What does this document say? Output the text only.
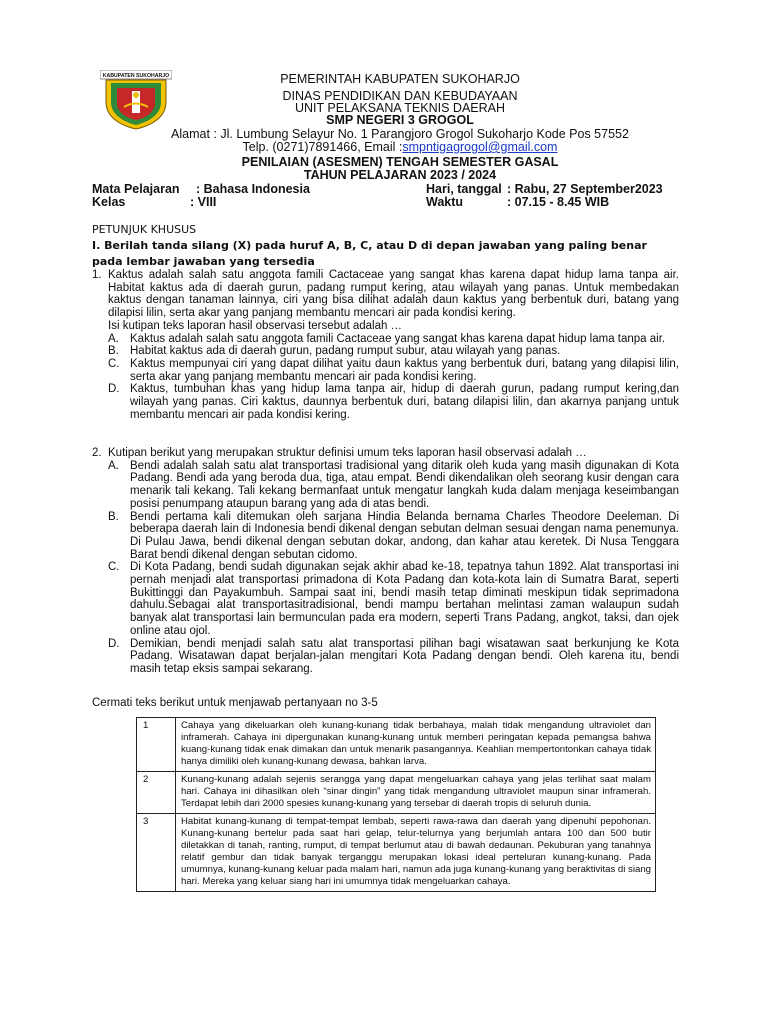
KABUPATEN SUKOHARJO	PEMERINTAH KABUPATEN SUKOHARJO
DINAS PENDIDIKAN DAN KEBUDAYAAN
UNIT PELAKSANA TEKNIS DAERAH
SMP NEGERI 3 GROGOL
Alamat : Jl. Lumbung Selayur No. 1 Parangjoro Grogol Sukoharjo Kode Pos 57552
Telp. (0271)7891466, Email :smpntigagrogol@gmail.com
PENILAIAN (ASESMEN) TENGAH SEMESTER GASAL
TAHUN PELAJARAN 2023 / 2024
Mata Pelajaran : Bahasa Indonesia
Kelas	: VIII
Hari, tanggal : Rabu, 27 September2023
Waktu	: 07.15 - 8.45 WIB
PETUNJUK KHUSUS
I. Berilah tanda silang (X) pada huruf A, B, C, atau D di depan jawaban yang paling benar pada lembar jawaban yang tersedia
1. Kaktus adalah salah satu anggota famili Cactaceae yang sangat khas karena dapat hidup lama tanpa air. Habitat kaktus ada di daerah gurun, padang rumput kering, atau wilayah yang panas. Untuk membedakan kaktus dengan tanaman lainnya, ciri yang bisa dilihat adalah daun kaktus yang berbentuk duri, batang yang dilapisi lilin, serta akar yang panjang membantu mencari air pada kondisi kering.
Isi kutipan teks laporan hasil observasi tersebut adalah …
A. Kaktus adalah salah satu anggota famili Cactaceae yang sangat khas karena dapat hidup lama tanpa air.
B. Habitat kaktus ada di daerah gurun, padang rumput subur, atau wilayah yang panas.
C. Kaktus mempunyai ciri yang dapat dilihat yaitu daun kaktus yang berbentuk duri, batang yang dilapisi lilin, serta akar yang panjang membantu mencari air pada kondisi kering.
D. Kaktus, tumbuhan khas yang hidup lama tanpa air, hidup di daerah gurun, padang rumput kering,dan wilayah yang panas. Ciri kaktus, daunnya berbentuk duri, batang dilapisi lilin, dan akarnya panjang untuk membantu mencari air pada kondisi kering.
2. Kutipan berikut yang merupakan struktur definisi umum teks laporan hasil observasi adalah …
A. Bendi adalah salah satu alat transportasi tradisional yang ditarik oleh kuda yang masih digunakan di Kota Padang. Bendi ada yang beroda dua, tiga, atau empat. Bendi dikendalikan oleh seorang kusir dengan cara menarik tali kekang. Tali kekang bermanfaat untuk mengatur langkah kuda dalam menjaga keseimbangan posisi penumpang ataupun barang yang ada di atas bendi.
B. Bendi pertama kali ditemukan oleh sarjana Hindia Belanda bernama Charles Theodore Deeleman. Di beberapa daerah lain di Indonesia bendi dikenal dengan sebutan delman sesuai dengan nama penemunya. Di Pulau Jawa, bendi dikenal dengan sebutan dokar, andong, dan kahar atau keretek. Di Nusa Tenggara Barat bendi dikenal dengan sebutan cidomo.
C. Di Kota Padang, bendi sudah digunakan sejak akhir abad ke-18, tepatnya tahun 1892. Alat transportasi ini pernah menjadi alat transportasi primadona di Kota Padang dan kota-kota lain di Sumatra Barat, seperti Bukittinggi dan Payakumbuh. Sampai saat ini, bendi masih tetap diminati meskipun tidak seprimadona dahulu.Sebagai alat transportasitradisional, bendi mampu bertahan melintasi zaman walaupun sudah banyak alat transportasi lain bermunculan pada era modern, seperti Trans Padang, angkot, taksi, dan ojek online atau ojol.
D. Demikian, bendi menjadi salah satu alat transportasi pilihan bagi wisatawan saat berkunjung ke Kota Padang. Wisatawan dapat berjalan-jalan mengitari Kota Padang dengan bendi. Oleh karena itu, bendi masih tetap eksis sampai sekarang.
Cermati teks berikut untuk menjawab pertanyaan no 3-5
1	Cahaya yang dikeluarkan oleh kunang-kunang tidak berbahaya, malah tidak mengandung ultraviolet dan inframerah. Cahaya ini dipergunakan kunang-kunang untuk memberi peringatan kepada pemangsa bahwa kuang-kunang tidak enak dimakan dan untuk menarik pasangannya. Keahlian mempertontonkan cahaya tidak hanya dimiliki oleh kunang-kunang dewasa, bahkan larva.
2	Kunang-kunang adalah sejenis serangga yang dapat mengeluarkan cahaya yang jelas terlihat saat malam hari. Cahaya ini dihasilkan oleh “sinar dingin” yang tidak mengandung ultraviolet maupun sinar inframerah. Terdapat lebih dari 2000 spesies kunang-kunang yang tersebar di daerah tropis di seluruh dunia.
3	Habitat kunang-kunang di tempat-tempat lembab, seperti rawa-rawa dan daerah yang dipenuhi pepohonan. Kunang-kunang bertelur pada saat hari gelap, telur-telurnya yang berjumlah antara 100 dan 500 butir diletakkan di tanah, ranting, rumput, di tempat berlumut atau di bawah dedaunan. Pekuburan yang tanahnya relatif gembur dan tidak banyak terganggu merupakan lokasi ideal perteluran kunang-kunang. Pada umumnya, kunang-kunang keluar pada malam hari, namun ada juga kunang-kunang yang beraktivitas di siang hari. Mereka yang keluar siang hari ini umumnya tidak mengeluarkan cahaya.
